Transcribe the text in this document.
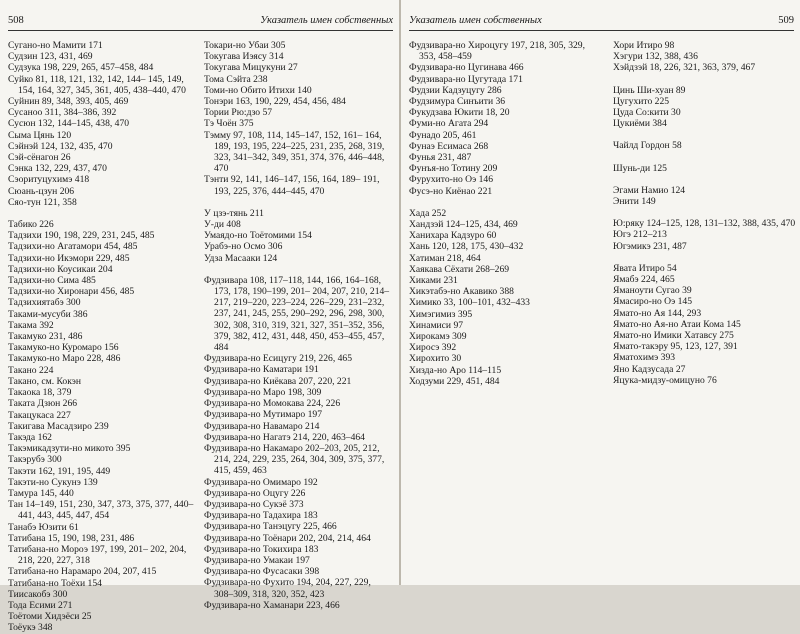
508	Указатель имен собственных
Сугано-но Мамити 171
Судзин 123, 431, 469
Судзука 198, 229, 265, 457–458, 484
Суйко 81, 118, 121, 132, 142, 144– 145, 149, 154, 164, 327, 345, 361, 405, 438–440, 470
Суйнин 89, 348, 393, 405, 469
Сусаноо 311, 384–386, 392
Сусюн 132, 144–145, 438, 470
Сыма Цянь 120
Сэйнэй 124, 132, 435, 470
Сэй-сёнагон 26
Сэнка 132, 229, 437, 470
Сэоритуцухимэ 418
Сюань-цзун 206
Сяо-тун 121, 358
Табико 226
Тадзихи 190, 198, 229, 231, 245, 485
Тадзихи-но Агатамори 454, 485
Тадзихи-но Икэмори 229, 485
Тадзихи-но Коусикаи 204
Тадзихи-но Сима 485
Тадзихи-но Хиронари 456, 485
Тадзихиятабэ 300
Таками-мусуби 386
Такама 392
Такамуко 231, 486
Такамуко-но Куромаро 156
Такамуко-но Маро 228, 486
Такано 224
Такано, см. Кокэн
Такаока 18, 379
Таката Дзюн 266
Такацукаса 227
Такигава Масадзиро 239
Такэда 162
Такэмикадзути-но микото 395
Такэрубэ 300
Такэти 162, 191, 195, 449
Такэти-но Сукунэ 139
Тамура 145, 440
Тан 14–149, 151, 230, 347, 373, 375, 377, 440–441, 443, 445, 447, 454
Танабэ Юзити 61
Татибана 15, 190, 198, 231, 486
Татибана-но Мороэ 197, 199, 201– 202, 204, 218, 220, 227, 318
Татибана-но Нарамаро 204, 207, 415
Татибана-но Тоёхи 154
Тиисакобэ 300
Тода Есими 271
Тоётоми Хидэёси 25
Тоёукэ 348
Токари-но Убаи 305
Токугава Иэясу 314
Токугава Мицукуни 27
Тома Сэйта 238
Томи-но Обито Итихи 140
Тонэри 163, 190, 229, 454, 456, 484
Тории Рю:дзо 57
Тэ Чоён 375
Тэмму 97, 108, 114, 145–147, 152, 161– 164, 189, 193, 195, 224–225, 231, 235, 268, 319, 323, 341–342, 349, 351, 374, 376, 446–448, 470
Тэнти 92, 141, 146–147, 156, 164, 189– 191, 193, 225, 376, 444–445, 470
У цзэ-тянь 211
У-ди 408
Умаядо-но Тоётомими 154
Урабэ-но Осмо 306
Удза Масааки 124
Фудзивара 108, 117–118, 144, 166, 164–168, 173, 178, 190–199, 201– 204, 207, 210, 214–217, 219–220, 223–224, 226–229, 231–232, 237, 241, 245, 255, 290–292, 296, 298, 300, 302, 308, 310, 319, 321, 327, 351–352, 356, 379, 382, 412, 431, 448, 450, 453–455, 457, 484
Фудзивара-но Есицугу 219, 226, 465
Фудзивара-но Каматари 191
Фудзивара-но Киёкава 207, 220, 221
Фудзивара-но Маро 198, 309
Фудзивара-но Момокава 224, 226
Фудзивара-но Мутимаро 197
Фудзивара-но Навамаро 214
Фудзивара-но Нагатэ 214, 220, 463–464
Фудзивара-но Накамаро 202–203, 205, 212, 214, 224, 229, 235, 264, 304, 309, 375, 377, 415, 459, 463
Фудзивара-но Омимаро 192
Фудзивара-но Оцугу 226
Фудзивара-но Сукэё 373
Фудзивара-но Тадахира 183
Фудзивара-но Танэцугу 225, 466
Фудзивара-но Тоёнари 202, 204, 214, 464
Фудзивара-но Токихира 183
Фудзивара-но Умакаи 197
Фудзивара-но Фусасаки 398
Фудзивара-но Фухито 194, 204, 227, 229, 308–309, 318, 320, 352, 423
Фудзивара-но Хаманари 223, 466
Указатель имен собственных	509
Фудзивара-но Хироцугу 197, 218, 305, 329, 353, 458–459
Фудзивара-но Цугинава 466
Фудзивара-но Цугутада 171
Фудзии Кадзуцугу 286
Фудзимура Синъити 36
Фукудзава Юкити 18, 20
Фуми-но Агата 294
Фунадо 205, 461
Фунаэ Есимаса 268
Фунья 231, 487
Фунъя-но Тотину 209
Фурухито-но Оэ 146
Фусэ-но Киёнао 221
Хада 252
Хандзэй 124–125, 434, 469
Ханихара Кадзуро 60
Хань 120, 128, 175, 430–432
Хатиман 218, 464
Хаякава Сёхати 268–269
Хиками 231
Хикэтабэ-но Акавико 388
Химико 33, 100–101, 432–433
Химэгимиз 395
Хинамиси 97
Хирокамэ 309
Хиросэ 392
Хирохито 30
Хизда-но Аро 114–115
Ходзуми 229, 451, 484
Хори Итиро 98
Хэгури 132, 388, 436
Хэйдзэй 18, 226, 321, 363, 379, 467
Цинь Ши-хуан 89
Цугухито 225
Цуда Со:кити 30
Цукиёми 384
Чайлд Гордон 58
Шунь-ди 125
Эгами Намио 124
Энити 149
Ю:ряку 124–125, 128, 131–132, 388, 435, 470
Югэ 212–213
Югэмикэ 231, 487
Явата Итиро 54
Ямабэ 224, 465
Яманоути Сугао 39
Ямасиро-но Оэ 145
Ямато-но Ая 144, 293
Ямато-но Ая-но Атаи Кома 145
Ямато-но Имики Хатавсу 275
Ямато-такэру 95, 123, 127, 391
Яматохимэ 393
Яно Кадзусада 27
Яцука-мидзу-омицуно 76
